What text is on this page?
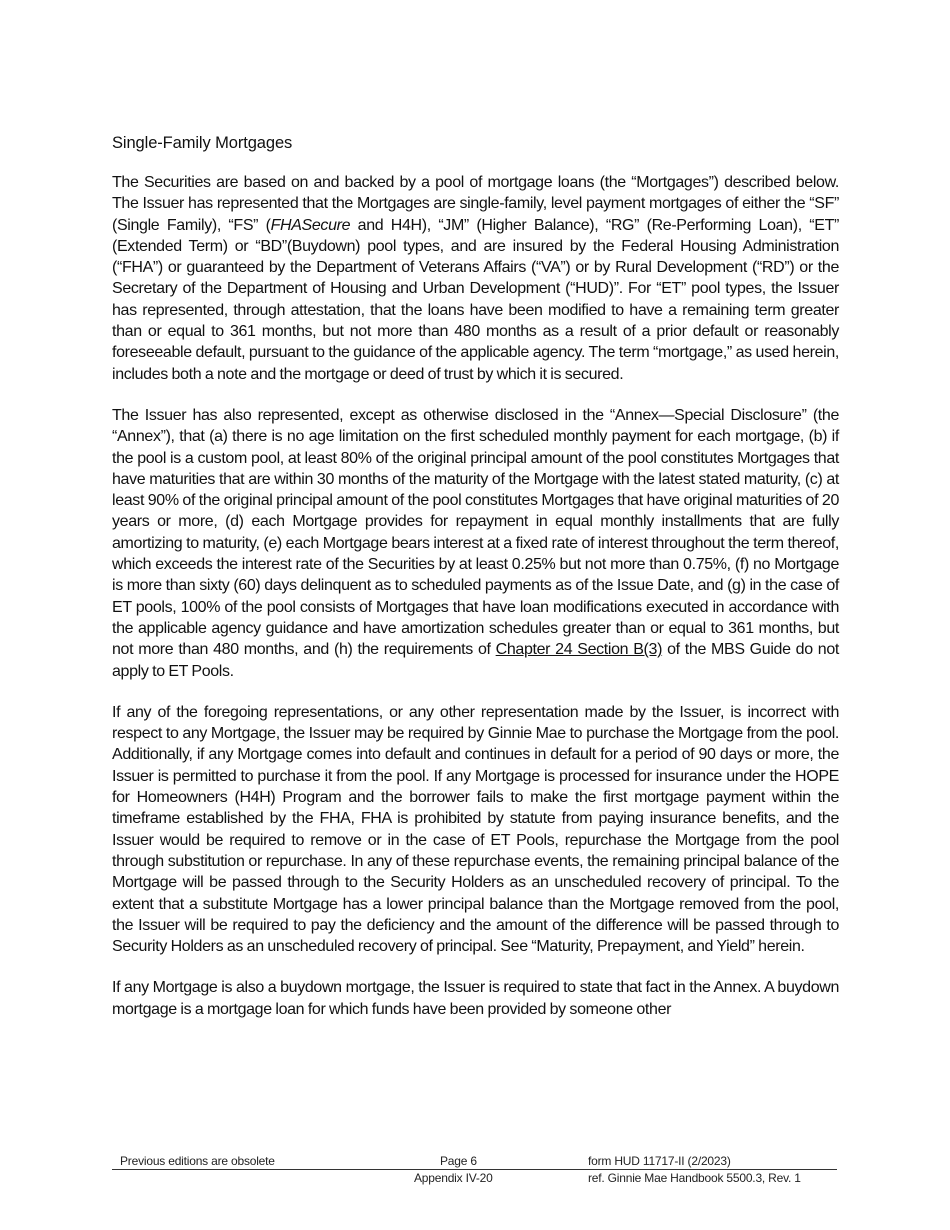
Single-Family Mortgages

The Securities are based on and backed by a pool of mortgage loans (the “Mortgages”) described below. The Issuer has represented that the Mortgages are single-family, level payment mortgages of either the “SF” (Single Family), “FS” (FHASecure and H4H), “JM” (Higher Balance), “RG” (Re-Performing Loan), “ET” (Extended Term) or “BD”(Buydown) pool types, and are insured by the Federal Housing Administration (“FHA”) or guaranteed by the Department of Veterans Affairs (“VA”) or by Rural Development (“RD”) or the Secretary of the Department of Housing and Urban Development (“HUD)”. For “ET” pool types, the Issuer has represented, through attestation, that the loans have been modified to have a remaining term greater than or equal to 361 months, but not more than 480 months as a result of a prior default or reasonably foreseeable default, pursuant to the guidance of the applicable agency. The term “mortgage,” as used herein, includes both a note and the mortgage or deed of trust by which it is secured.

The Issuer has also represented, except as otherwise disclosed in the “Annex—Special Disclosure” (the “Annex”), that (a) there is no age limitation on the first scheduled monthly payment for each mortgage, (b) if the pool is a custom pool, at least 80% of the original principal amount of the pool constitutes Mortgages that have maturities that are within 30 months of the maturity of the Mortgage with the latest stated maturity, (c) at least 90% of the original principal amount of the pool constitutes Mortgages that have original maturities of 20 years or more, (d) each Mortgage provides for repayment in equal monthly installments that are fully amortizing to maturity, (e) each Mortgage bears interest at a fixed rate of interest throughout the term thereof, which exceeds the interest rate of the Securities by at least 0.25% but not more than 0.75%, (f) no Mortgage is more than sixty (60) days delinquent as to scheduled payments as of the Issue Date, and (g) in the case of ET pools, 100% of the pool consists of Mortgages that have loan modifications executed in accordance with the applicable agency guidance and have amortization schedules greater than or equal to 361 months, but not more than 480 months, and (h) the requirements of Chapter 24 Section B(3) of the MBS Guide do not apply to ET Pools.

If any of the foregoing representations, or any other representation made by the Issuer, is incorrect with respect to any Mortgage, the Issuer may be required by Ginnie Mae to purchase the Mortgage from the pool. Additionally, if any Mortgage comes into default and continues in default for a period of 90 days or more, the Issuer is permitted to purchase it from the pool. If any Mortgage is processed for insurance under the HOPE for Homeowners (H4H) Program and the borrower fails to make the first mortgage payment within the timeframe established by the FHA, FHA is prohibited by statute from paying insurance benefits, and the Issuer would be required to remove or in the case of ET Pools, repurchase the Mortgage from the pool through substitution or repurchase. In any of these repurchase events, the remaining principal balance of the Mortgage will be passed through to the Security Holders as an unscheduled recovery of principal. To the extent that a substitute Mortgage has a lower principal balance than the Mortgage removed from the pool, the Issuer will be required to pay the deficiency and the amount of the difference will be passed through to Security Holders as an unscheduled recovery of principal. See “Maturity, Prepayment, and Yield” herein.

If any Mortgage is also a buydown mortgage, the Issuer is required to state that fact in the Annex. A buydown mortgage is a mortgage loan for which funds have been provided by someone other

Previous editions are obsolete	Page 6	form HUD 11717-II (2/2023)
Appendix IV-20	ref. Ginnie Mae Handbook 5500.3, Rev. 1
